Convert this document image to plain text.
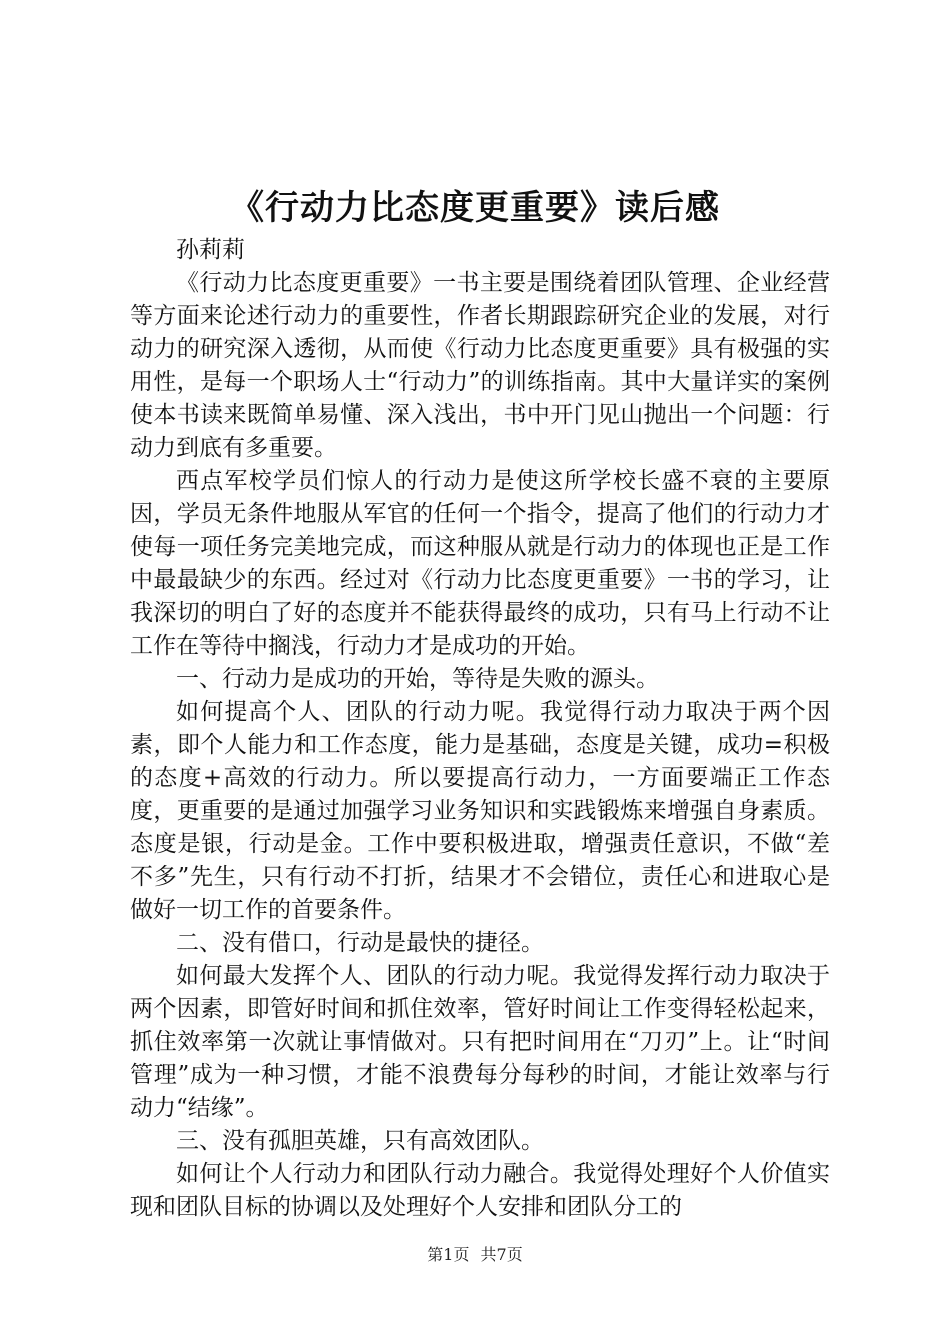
《行动力比态度更重要》读后感

孙莉莉

《行动力比态度更重要》一书主要是围绕着团队管理、企业经营等方面来论述行动力的重要性，作者长期跟踪研究企业的发展，对行动力的研究深入透彻，从而使《行动力比态度更重要》具有极强的实用性，是每一个职场人士“行动力”的训练指南。其中大量详实的案例使本书读来既简单易懂、深入浅出，书中开门见山抛出一个问题：行动力到底有多重要。

西点军校学员们惊人的行动力是使这所学校长盛不衰的主要原因，学员无条件地服从军官的任何一个指令，提高了他们的行动力才使每一项任务完美地完成，而这种服从就是行动力的体现也正是工作中最最缺少的东西。经过对《行动力比态度更重要》一书的学习，让我深切的明白了好的态度并不能获得最终的成功，只有马上行动不让工作在等待中搁浅，行动力才是成功的开始。

一、行动力是成功的开始，等待是失败的源头。

如何提高个人、团队的行动力呢。我觉得行动力取决于两个因素，即个人能力和工作态度，能力是基础，态度是关键，成功=积极的态度+高效的行动力。所以要提高行动力，一方面要端正工作态度，更重要的是通过加强学习业务知识和实践锻炼来增强自身素质。态度是银，行动是金。工作中要积极进取，增强责任意识，不做“差不多”先生，只有行动不打折，结果才不会错位，责任心和进取心是做好一切工作的首要条件。

二、没有借口，行动是最快的捷径。

如何最大发挥个人、团队的行动力呢。我觉得发挥行动力取决于两个因素，即管好时间和抓住效率，管好时间让工作变得轻松起来，抓住效率第一次就让事情做对。只有把时间用在“刀刃”上。让“时间管理”成为一种习惯，才能不浪费每分每秒的时间，才能让效率与行动力“结缘”。

三、没有孤胆英雄，只有高效团队。

如何让个人行动力和团队行动力融合。我觉得处理好个人价值实现和团队目标的协调以及处理好个人安排和团队分工的

第1页 共7页
